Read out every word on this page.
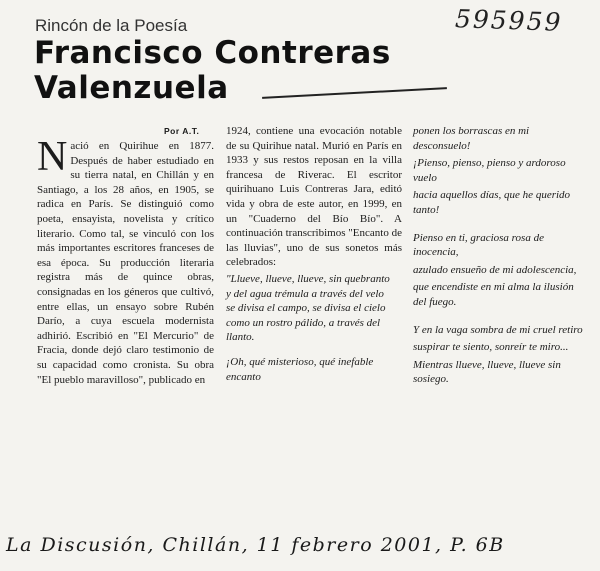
Rincón de la Poesía	595959
Francisco Contreras
Valenzuela
Por A.T.
N ació en Quirihue en 1877. Después de haber estudiado en su tierra natal, en Chillán y en Santiago, a los 28 años, en 1905, se radica en París. Se distinguió como poeta, ensayista, novelista y crítico literario. Como tal, se vinculó con los más importantes escritores franceses de esa época. Su producción literaria registra más de quince obras, consignadas en los géneros que cultivó, entre ellas, un ensayo sobre Rubén Darío, a cuya escuela modernista adhirió. Escribió en "El Mercurio" de Fracia, donde dejó claro testimonio de su capacidad como cronista. Su obra "El pueblo maravilloso", publicado en
1924, contiene una evocación notable de su Quirihue natal. Murió en París en 1933 y sus restos reposan en la villa francesa de Riverac. El escritor quirihuano Luis Contreras Jara, editó vida y obra de este autor, en 1999, en un "Cuaderno del Bío Bío". A continuación transcribimos "Encanto de las lluvias", uno de sus sonetos más celebrados:
"Llueve, llueve, llueve, sin quebranto
y del agua trémula a través del velo
se divisa el campo, se divisa el cielo
como un rostro pálido, a través del llanto.
¡Oh, qué misterioso, qué inefable encanto
ponen los borrascas en mi desconsuelo!
¡Pienso, pienso, pienso y ardoroso vuelo
hacia aquellos días, que he querido tanto!
Pienso en ti, graciosa rosa de inocencia,
azulado ensueño de mi adolescencia,
que encendiste en mi alma la ilusión del fuego.
Y en la vaga sombra de mi cruel retiro
suspirar te siento, sonreír te miro...
Mientras llueve, llueve, llueve sin sosiego.
La Discusión, Chillán, 11 febrero 2001, P. 6B
